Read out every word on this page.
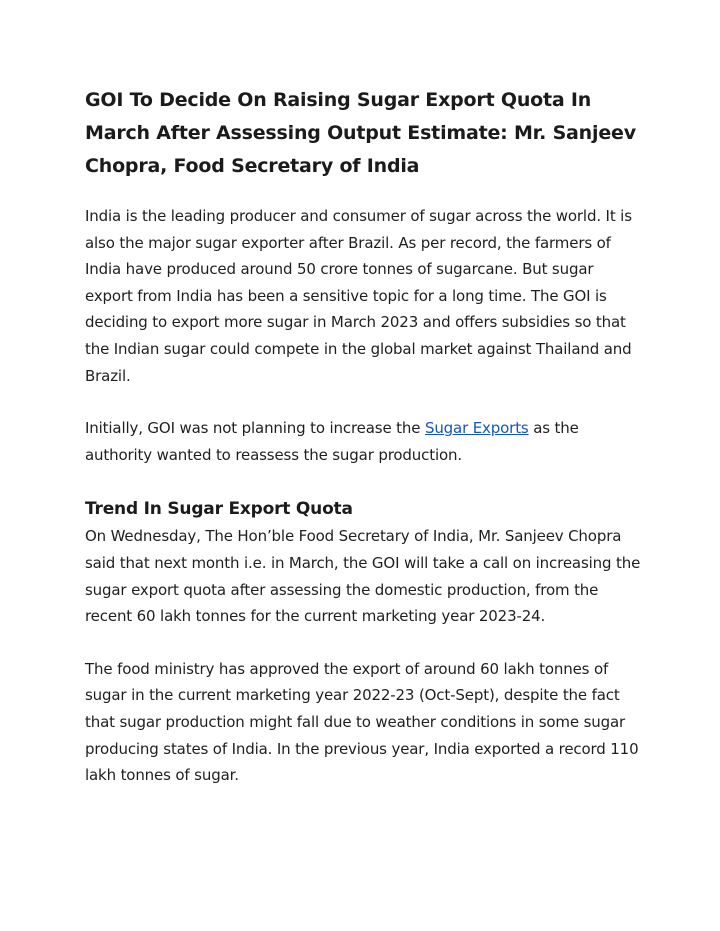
GOI To Decide On Raising Sugar Export Quota In March After Assessing Output Estimate: Mr. Sanjeev Chopra, Food Secretary of India

India is the leading producer and consumer of sugar across the world. It is also the major sugar exporter after Brazil. As per record, the farmers of India have produced around 50 crore tonnes of sugarcane. But sugar export from India has been a sensitive topic for a long time. The GOI is deciding to export more sugar in March 2023 and offers subsidies so that the Indian sugar could compete in the global market against Thailand and Brazil.

Initially, GOI was not planning to increase the Sugar Exports as the authority wanted to reassess the sugar production.

Trend In Sugar Export Quota

On Wednesday, The Hon’ble Food Secretary of India, Mr. Sanjeev Chopra said that next month i.e. in March, the GOI will take a call on increasing the sugar export quota after assessing the domestic production, from the recent 60 lakh tonnes for the current marketing year 2023-24.

The food ministry has approved the export of around 60 lakh tonnes of sugar in the current marketing year 2022-23 (Oct-Sept), despite the fact that sugar production might fall due to weather conditions in some sugar producing states of India. In the previous year, India exported a record 110 lakh tonnes of sugar.
